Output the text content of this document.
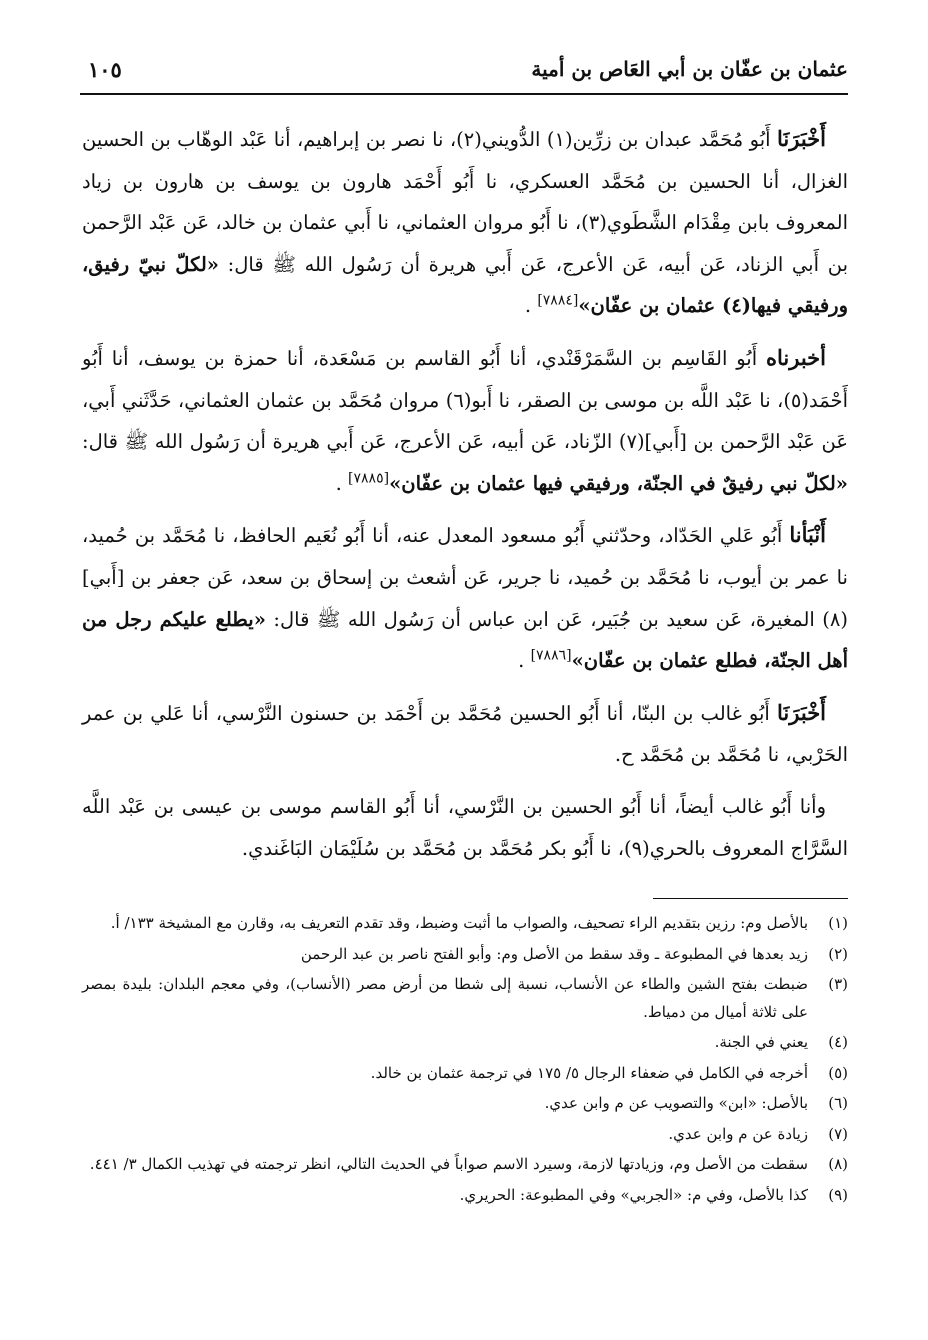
عثمان بن عفّان بن أبي العَاص بن أمية
١٠٥

أَخْبَرَنَا أَبُو مُحَمَّد عبدان بن زرِّين(١) الدُّويني(٢)، نا نصر بن إبراهيم، أنا عَبْد الوهّاب بن الحسين الغزال، أنا الحسين بن مُحَمَّد العسكري، نا أَبُو أَحْمَد هارون بن يوسف بن هارون بن زياد المعروف بابن مِقْدَام الشَّطَوي(٣)، نا أَبُو مروان العثماني، نا أَبي عثمان بن خالد، عَن عَبْد الرَّحمن بن أَبي الزناد، عَن أبيه، عَن الأعرج، عَن أَبي هريرة أن رَسُول الله ﷺ قال: «لكلّ نبيّ رفيق، ورفيقي فيها(٤) عثمان بن عفّان»[٧٨٨٤] .

أخبرناه أَبُو القَاسِم بن السَّمَرْقَنْدي، أنا أَبُو القاسم بن مَسْعَدة، أنا حمزة بن يوسف، أنا أَبُو أَحْمَد(٥)، نا عَبْد اللَّه بن موسى بن الصقر، نا أَبو(٦) مروان مُحَمَّد بن عثمان العثماني، حَدَّثَني أَبي، عَن عَبْد الرَّحمن بن [أَبي](٧) الزّناد، عَن أبيه، عَن الأعرج، عَن أَبي هريرة أن رَسُول الله ﷺ قال: «لكلّ نبي رفيقٌ في الجنّة، ورفيقي فيها عثمان بن عفّان»[٧٨٨٥] .

أَنْبَأنا أَبُو عَلي الحَدّاد، وحدّثني أَبُو مسعود المعدل عنه، أنا أَبُو نُعَيم الحافظ، نا مُحَمَّد بن حُميد، نا عمر بن أيوب، نا مُحَمَّد بن حُميد، نا جرير، عَن أشعث بن إسحاق بن سعد، عَن جعفر بن [أَبي](٨) المغيرة، عَن سعيد بن جُبَير، عَن ابن عباس أن رَسُول الله ﷺ قال: «يطلع عليكم رجل من أهل الجنّة، فطلع عثمان بن عفّان»[٧٨٨٦] .

أَخْبَرَنَا أَبُو غالب بن البنّا، أنا أَبُو الحسين مُحَمَّد بن أَحْمَد بن حسنون النَّرْسي، أنا عَلي بن عمر الحَرْبي، نا مُحَمَّد بن مُحَمَّد ح.

وأنا أَبُو غالب أيضاً، أنا أَبُو الحسين بن النَّرْسي، أنا أَبُو القاسم موسى بن عيسى بن عَبْد اللَّه السَّرَّاج المعروف بالحري(٩)، نا أَبُو بكر مُحَمَّد بن مُحَمَّد بن سُلَيْمَان البَاغَندي.

(١)
بالأصل وم: رزين بتقديم الراء تصحيف، والصواب ما أثبت وضبط، وقد تقدم التعريف به، وقارن مع المشيخة ١٣٣/ أ.
(٢)
زيد بعدها في المطبوعة ـ وقد سقط من الأصل وم: وأبو الفتح ناصر بن عبد الرحمن
(٣)
ضبطت بفتح الشين والطاء عن الأنساب، نسبة إلى شطا من أرض مصر (الأنساب)، وفي معجم البلدان: بليدة بمصر على ثلاثة أميال من دمياط.
(٤)
يعني في الجنة.
(٥)
أخرجه في الكامل في ضعفاء الرجال ٥/ ١٧٥ في ترجمة عثمان بن خالد.
(٦)
بالأصل: «ابن» والتصويب عن م وابن عدي.
(٧)
زيادة عن م وابن عدي.
(٨)
سقطت من الأصل وم، وزيادتها لازمة، وسيرد الاسم صواباً في الحديث التالي، انظر ترجمته في تهذيب الكمال ٣/ ٤٤١.
(٩)
كذا بالأصل، وفي م: «الجربي» وفي المطبوعة: الحريري.
